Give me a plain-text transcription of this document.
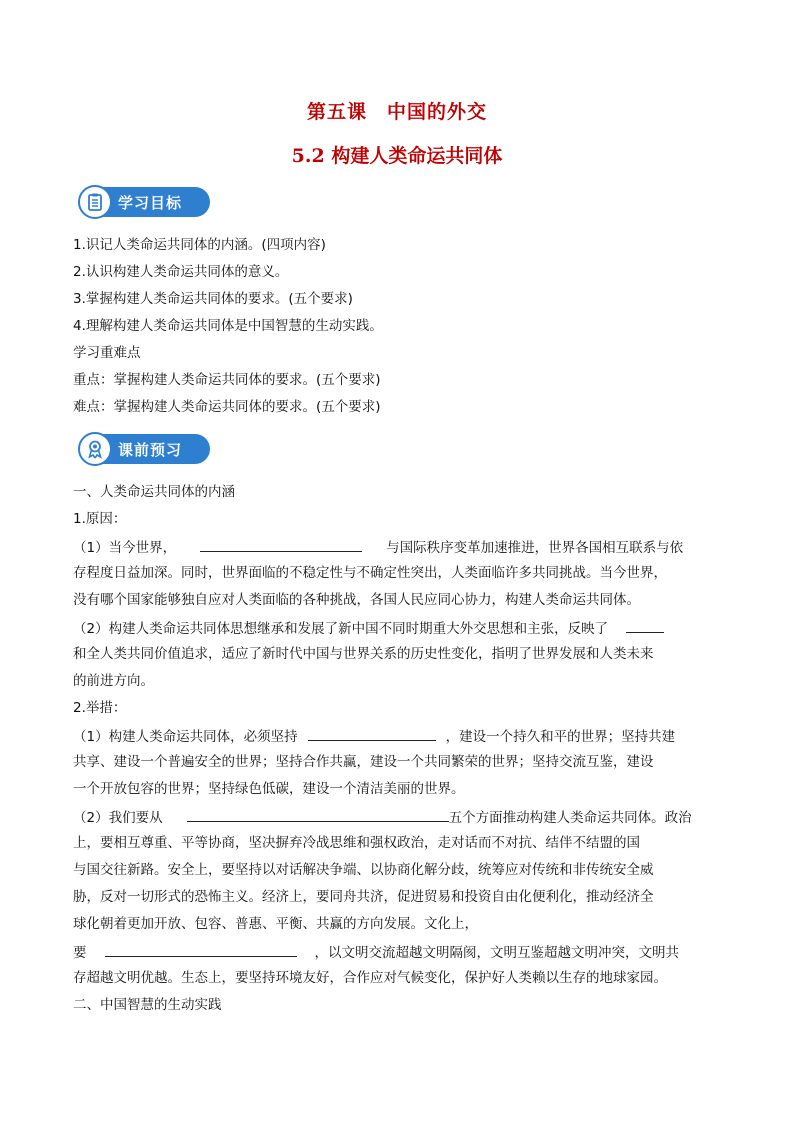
第五课　中国的外交
5.2 构建人类命运共同体
学习目标
1.识记人类命运共同体的内涵。(四项内容)
2.认识构建人类命运共同体的意义。
3.掌握构建人类命运共同体的要求。(五个要求)
4.理解构建人类命运共同体是中国智慧的生动实践。
学习重难点
重点：掌握构建人类命运共同体的要求。(五个要求)
难点：掌握构建人类命运共同体的要求。(五个要求)
课前预习
一、人类命运共同体的内涵
1.原因：
（1）当今世界，	与国际秩序变革加速推进，世界各国相互联系与依
存程度日益加深。同时，世界面临的不稳定性与不确定性突出，人类面临许多共同挑战。当今世界，
没有哪个国家能够独自应对人类面临的各种挑战，各国人民应同心协力，构建人类命运共同体。
（2）构建人类命运共同体思想继承和发展了新中国不同时期重大外交思想和主张，反映了
和全人类共同价值追求，适应了新时代中国与世界关系的历史性变化，指明了世界发展和人类未来
的前进方向。
2.举措：
（1）构建人类命运共同体，必须坚持	，建设一个持久和平的世界；坚持共建
共享、建设一个普遍安全的世界；坚持合作共赢，建设一个共同繁荣的世界；坚持交流互鉴，建设
一个开放包容的世界；坚持绿色低碳，建设一个清洁美丽的世界。
（2）我们要从	五个方面推动构建人类命运共同体。政治
上，要相互尊重、平等协商，坚决摒弃冷战思维和强权政治，走对话而不对抗、结伴不结盟的国
与国交往新路。安全上，要坚持以对话解决争端、以协商化解分歧，统筹应对传统和非传统安全威
胁，反对一切形式的恐怖主义。经济上，要同舟共济，促进贸易和投资自由化便利化，推动经济全
球化朝着更加开放、包容、普惠、平衡、共赢的方向发展。文化上，
要	，以文明交流超越文明隔阂，文明互鉴超越文明冲突，文明共
存超越文明优越。生态上，要坚持环境友好，合作应对气候变化，保护好人类赖以生存的地球家园。
二、中国智慧的生动实践
